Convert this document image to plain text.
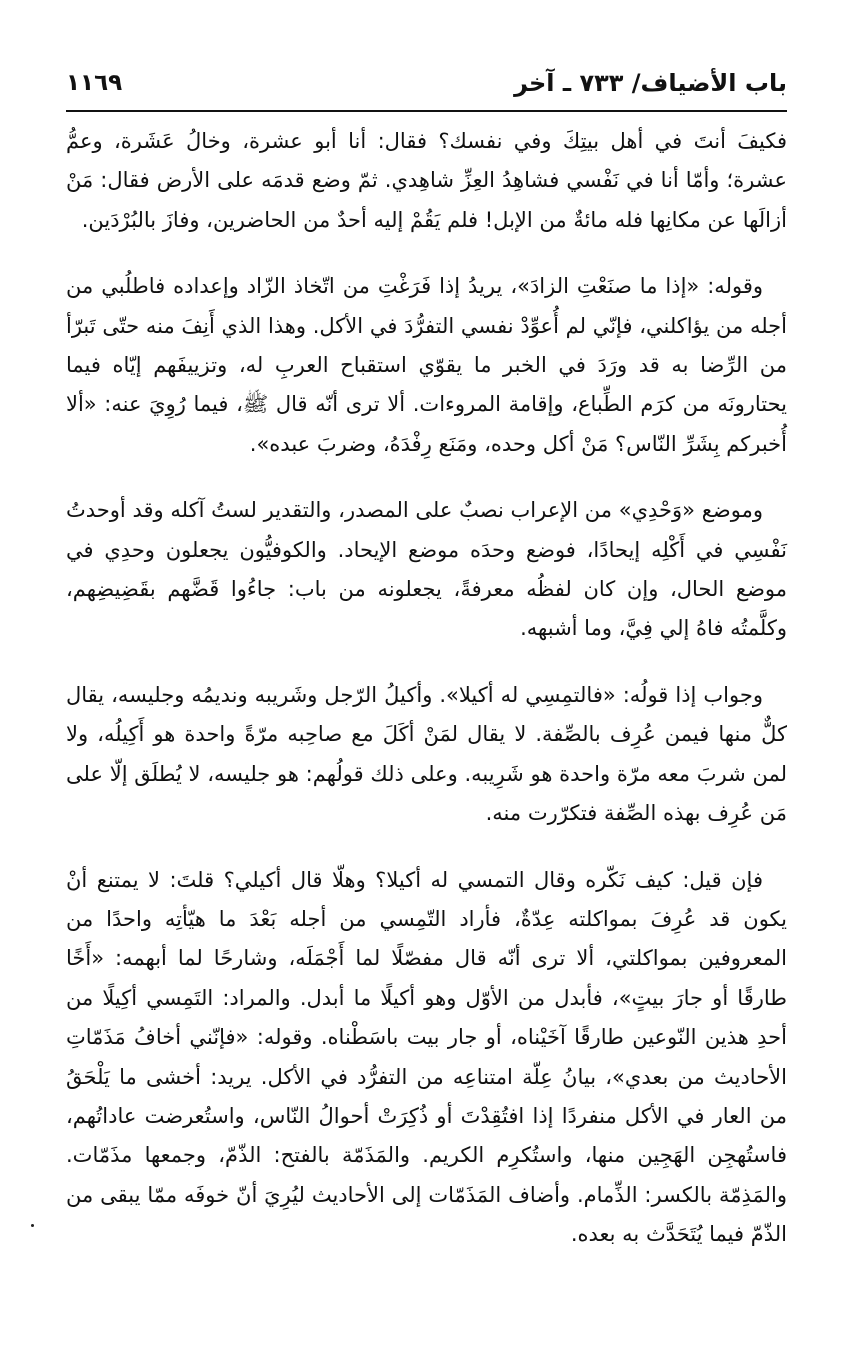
باب الأضياف/ ٧٣٣ ـ آخر
١١٦٩

فكيفَ أنتَ في أهل بيتِكَ وفي نفسك؟ فقال: أنا أبو عشرة، وخالُ عَشَرة، وعمُّ عشرة؛ وأمّا أنا في نَفْسي فشاهِدُ العِزِّ شاهِدي. ثمّ وضع قدمَه على الأرض فقال: مَنْ أزالَها عن مكانِها فله مائةٌ من الإبل! فلم يَقُمْ إليه أحدٌ من الحاضرين، وفازَ بالبُرْدَين.

وقوله: «إذا ما صنَعْتِ الزادَ»، يريدُ إذا فَرَغْتِ من اتّخاذ الزّاد وإعداده فاطلُبي من أجله من يؤاكلني، فإنّي لم أُعوِّدْ نفسي التفرُّدَ في الأكل. وهذا الذي أَنِفَ منه حتّى تَبرّأ من الرِّضا به قد ورَدَ في الخبر ما يقوّي استقباح العربِ له، وتزييفَهم إيّاه فيما يحتارونَه من كرَم الطِّباع، وإقامة المروءات. ألا ترى أنّه قال ﷺ، فيما رُوِيَ عنه: «ألا أُخبركم بِشَرِّ النّاس؟ مَنْ أكل وحده، ومَنَع رِفْدَهُ، وضربَ عبده».

وموضع «وَحْدِي» من الإعراب نصبٌ على المصدر، والتقدير لستُ آكله وقد أوحدتُ نَفْسِي في أَكْلِه إيحادًا، فوضع وحدَه موضع الإيحاد. والكوفيُّون يجعلون وحدِي في موضع الحال، وإن كان لفظُه معرفةً، يجعلونه من باب: جاءُوا قَضَّهم بقَضِيضِهم، وكلَّمتُه فاهُ إلي فِيَّ، وما أشبهه.

وجواب إذا قولُه: «فالتمِسِي له أكيلا». وأكيلُ الرّجل وشَريبه ونديمُه وجليسه، يقال كلٌّ منها فيمن عُرِف بالصِّفة. لا يقال لمَنْ أكَلَ مع صاحِبه مرّةً واحدة هو أَكِيلُه، ولا لمن شربَ معه مرّة واحدة هو شَرِيبه. وعلى ذلك قولُهم: هو جليسه، لا يُطلَق إلّا على مَن عُرِف بهذه الصِّفة فتكرّرت منه.

فإن قيل: كيف نَكّره وقال التمسي له أكيلا؟ وهلّا قال أكيلي؟ قلتَ: لا يمتنع أنْ يكون قد عُرِفَ بمواكلته عِدّةٌ، فأراد التّمِسي من أجله بَعْدَ ما هيّأتِه واحدًا من المعروفين بمواكلتي، ألا ترى أنّه قال مفصّلًا لما أَجْمَلَه، وشارحًا لما أبهمه: «أَخًا طارقًا أو جارَ بيتٍ»، فأبدل من الأوّل وهو أكيلًا ما أبدل. والمراد: التَمِسي أكِيلًا من أحدِ هذين النّوعين طارقًا آخَيْناه، أو جار بيت باسَطْناه. وقوله: «فإنّني أخافُ مَذَمّاتِ الأحاديث من بعدي»، بيانُ عِلّة امتناعِه من التفرُّد في الأكل. يريد: أخشى ما يَلْحَقُ من العار في الأكل منفردًا إذا افتُقِدْتَ أو ذُكِرَتْ أحوالُ النّاس، واستُعرضت عاداتُهم، فاستُهجِن الهَجِين منها، واستُكرِم الكريم. والمَذَمّة بالفتح: الذّمّ، وجمعها مذَمّات. والمَذِمّة بالكسر: الذِّمام. وأضاف المَذَمّات إلى الأحاديث ليُرِيَ أنّ خوفَه ممّا يبقى من الذّمّ فيما يُتَحَدَّث به بعده.
